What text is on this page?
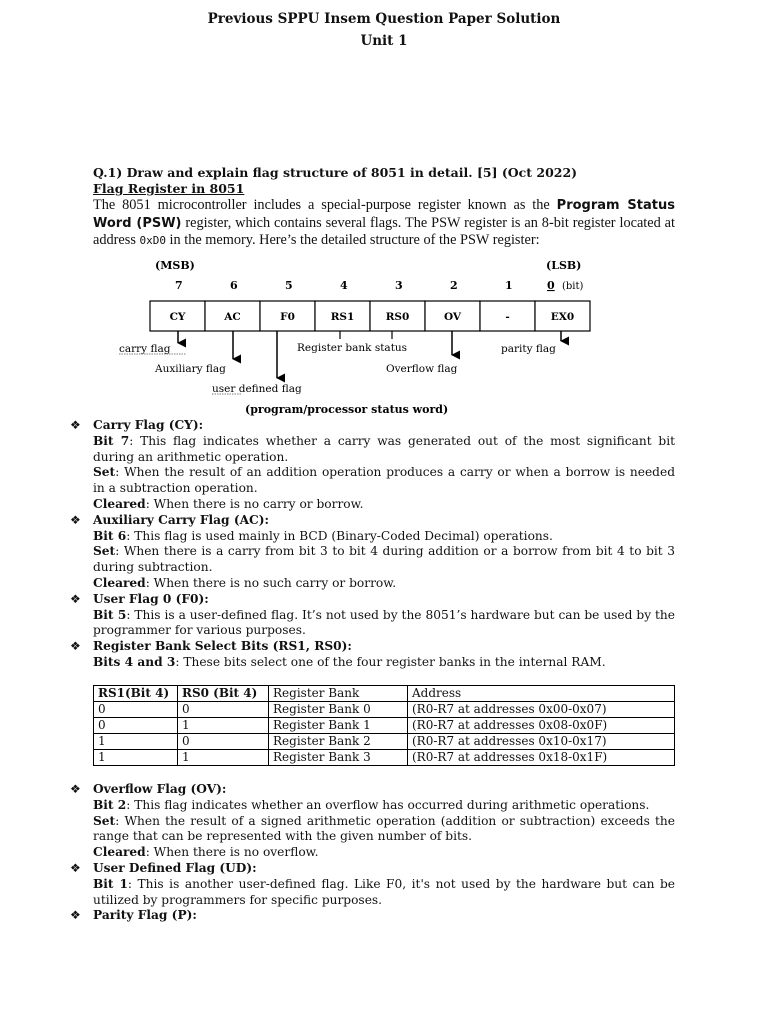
Previous SPPU Insem Question Paper Solution
Unit 1
Q.1) Draw and explain flag structure of 8051 in detail. [5] (Oct 2022)
Flag Register in 8051
The 8051 microcontroller includes a special-purpose register known as the Program Status Word (PSW) register, which contains several flags. The PSW register is an 8-bit register located at address 0xD0 in the memory. Here’s the detailed structure of the PSW register:
(MSB)	(LSB)
7	6	5	4	3	2	1	0 (bit)
CY	AC	F0	RS1	RS0	OV	-	EX0
carry flag	Register bank status	parity flag
Auxiliary flag	Overflow flag
user defined flag
(program/processor status word)
❖ Carry Flag (CY):
Bit 7: This flag indicates whether a carry was generated out of the most significant bit during an arithmetic operation.
Set: When the result of an addition operation produces a carry or when a borrow is needed in a subtraction operation.
Cleared: When there is no carry or borrow.
❖ Auxiliary Carry Flag (AC):
Bit 6: This flag is used mainly in BCD (Binary-Coded Decimal) operations.
Set: When there is a carry from bit 3 to bit 4 during addition or a borrow from bit 4 to bit 3 during subtraction.
Cleared: When there is no such carry or borrow.
❖ User Flag 0 (F0):
Bit 5: This is a user-defined flag. It’s not used by the 8051’s hardware but can be used by the programmer for various purposes.
❖ Register Bank Select Bits (RS1, RS0):
Bits 4 and 3: These bits select one of the four register banks in the internal RAM.
RS1(Bit 4)	RS0 (Bit 4)	Register Bank	Address
0	0	Register Bank 0	(R0-R7 at addresses 0x00-0x07)
0	1	Register Bank 1	(R0-R7 at addresses 0x08-0x0F)
1	0	Register Bank 2	(R0-R7 at addresses 0x10-0x17)
1	1	Register Bank 3	(R0-R7 at addresses 0x18-0x1F)
❖ Overflow Flag (OV):
Bit 2: This flag indicates whether an overflow has occurred during arithmetic operations.
Set: When the result of a signed arithmetic operation (addition or subtraction) exceeds the range that can be represented with the given number of bits.
Cleared: When there is no overflow.
❖ User Defined Flag (UD):
Bit 1: This is another user-defined flag. Like F0, it's not used by the hardware but can be utilized by programmers for specific purposes.
❖ Parity Flag (P):
